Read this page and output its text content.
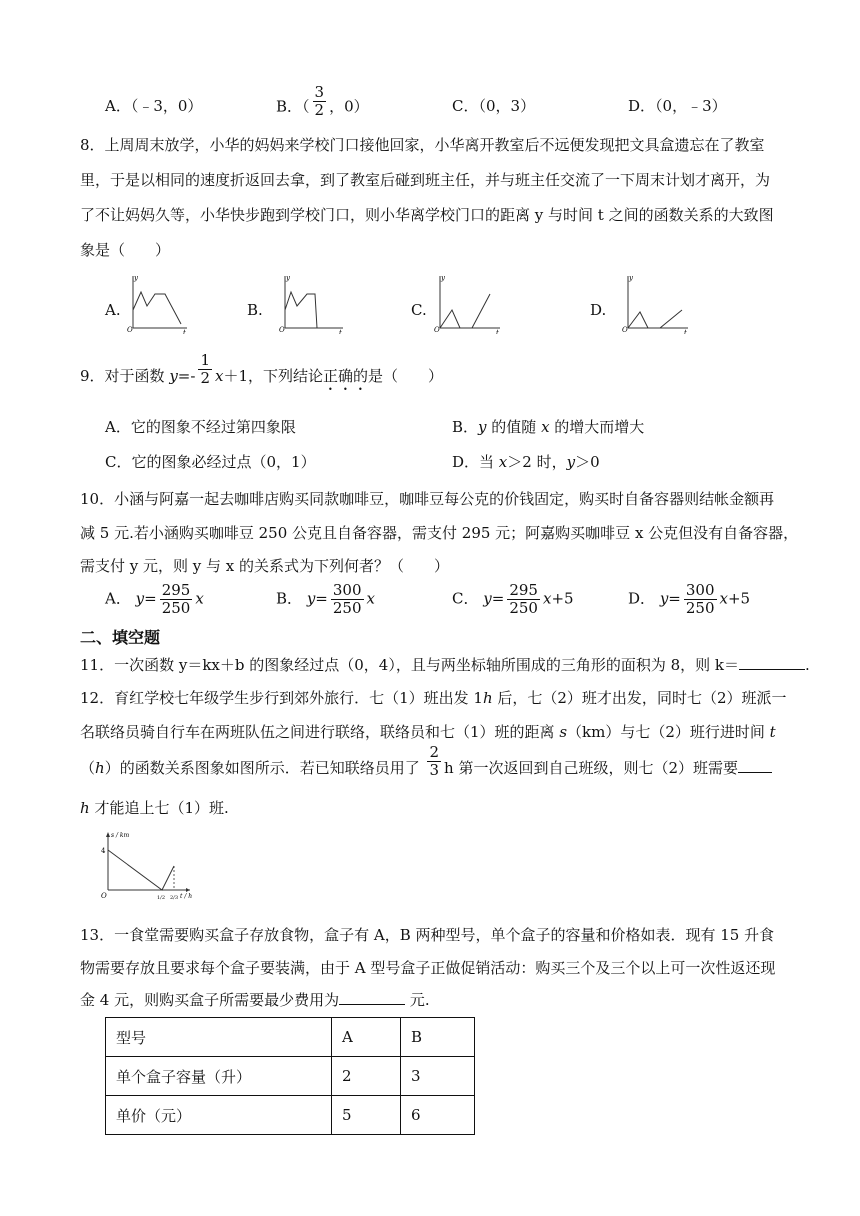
A．（﹣3，0）	B．（ $\frac{3}{2}$ ，0）	C．（0，3）	D．（0，﹣3）
8．上周周末放学，小华的妈妈来学校门口接他回家，小华离开教室后不远便发现把文具盒遗忘在了教室
里，于是以相同的速度折返回去拿，到了教室后碰到班主任，并与班主任交流了一下周末计划才离开，为
了不让妈妈久等，小华快步跑到学校门口，则小华离学校门口的距离 y 与时间 t 之间的函数关系的大致图
象是（　　）
A.
O
y
t
B.
O
y
t
C.
O
y
t
D.
O
y
t
9．对于函数 $y=- \frac{1}{2} x+1$，下列结论正确的是（　　）
A．它的图象不经过第四象限	B．y 的值随 x 的增大而增大
C．它的图象必经过点（0，1）	D．当 x＞2 时，y＞0
10．小涵与阿嘉一起去咖啡店购买同款咖啡豆，咖啡豆每公克的价钱固定，购买时自备容器则结帐金额再
减 5 元.若小涵购买咖啡豆 250 公克且自备容器，需支付 295 元；阿嘉购买咖啡豆 x 公克但没有自备容器，
需支付 y 元，则 y 与 x 的关系式为下列何者？（　　）
A． $y= \frac{295}{250}$ x	B． $y= \frac{300}{250}$ x	C． $y= \frac{295}{250} x+5$	D． $y= \frac{300}{250} x+5$
二、填空题
11．一次函数 y＝kx＋b 的图象经过点（0，4），且与两坐标轴所围成的三角形的面积为 8，则 k＝	.
12．育红学校七年级学生步行到郊外旅行．七（1）班出发 1h 后，七（2）班才出发，同时七（2）班派一
名联络员骑自行车在两班队伍之间进行联络，联络员和七（1）班的距离 s（km）与七（2）班行进时间 t
（h）的函数关系图象如图所示．若已知联络员用了 $\frac{2}{3}$ h 第一次返回到自己班级，则七（2）班需要
h 才能追上七（1）班.
s / km
4
O	1/2 2/3 t / h
13．一食堂需要购买盒子存放食物，盒子有 A，B 两种型号，单个盒子的容量和价格如表．现有 15 升食
物需要存放且要求每个盒子要装满，由于 A 型号盒子正做促销活动：购买三个及三个以上可一次性返还现
金 4 元，则购买盒子所需要最少费用为	元.
型号	A	B
单个盒子容量（升）	2	3
单价（元）	5	6
